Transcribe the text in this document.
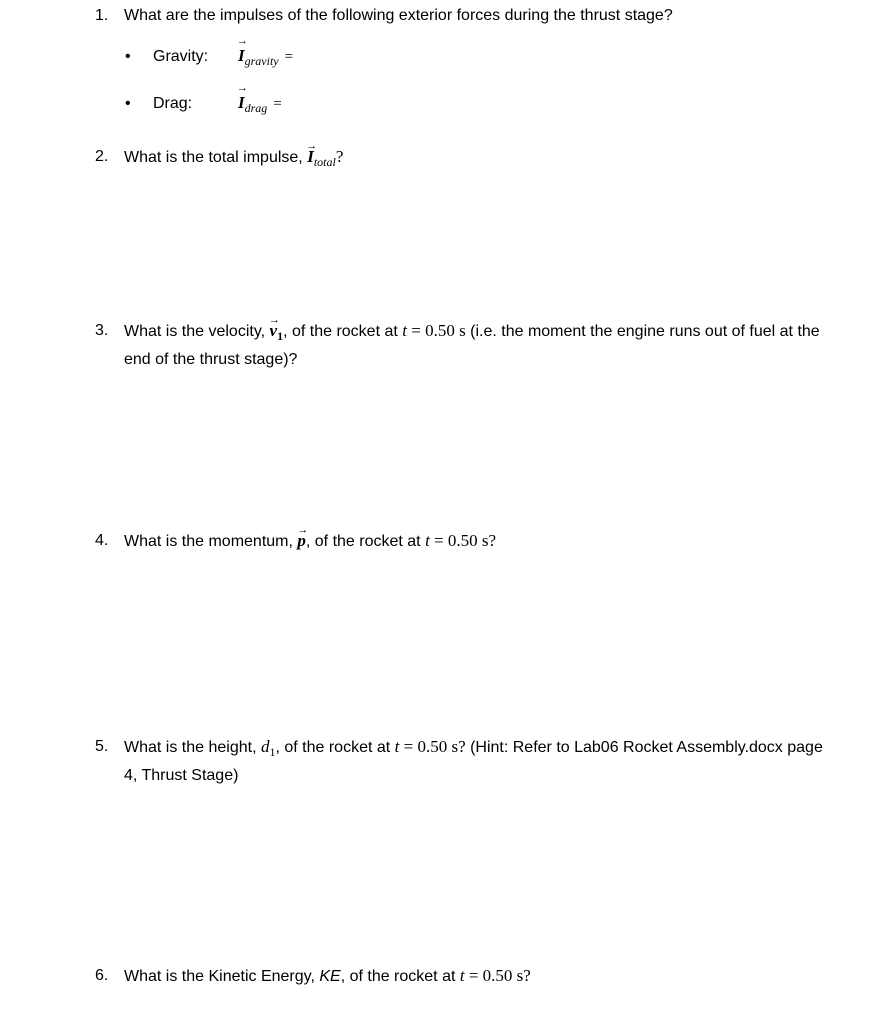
1. What are the impulses of the following exterior forces during the thrust stage?
• Gravity: → $I_{gravity}$ =
• Drag:	→ $I_{drag}$ =
2. What is the total impulse, → $I_{total}$?
3. What is the velocity, → $v_1$, of the rocket at t = 0.50 s (i.e. the moment the engine runs out of fuel at the end of the thrust stage)?
4. What is the momentum, → p, of the rocket at t = 0.50 s?
5. What is the height, $d_1$, of the rocket at t = 0.50 s? (Hint: Refer to Lab06 Rocket Assembly.docx page 4, Thrust Stage)
6. What is the Kinetic Energy, KE, of the rocket at t = 0.50 s?
